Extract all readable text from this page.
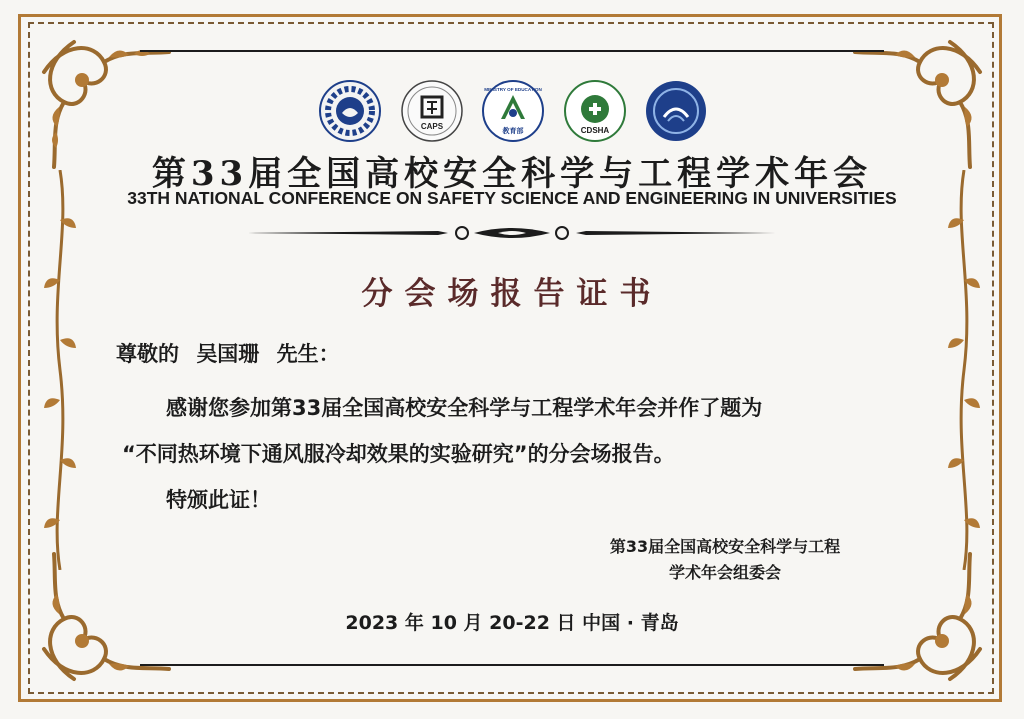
CAPS	教育部
MINISTRY OF EDUCATION
CDSHA
第33届全国高校安全科学与工程学术年会
33TH NATIONAL CONFERENCE ON SAFETY SCIENCE AND ENGINEERING IN UNIVERSITIES
分会场报告证书
尊敬的 吴国珊 先生：
感谢您参加第33届全国高校安全科学与工程学术年会并作了题为
“不同热环境下通风服冷却效果的实验研究”的分会场报告。
特颁此证！
第33届全国高校安全科学与工程
学术年会组委会
2023 年 10 月 20-22 日 中国 · 青岛
